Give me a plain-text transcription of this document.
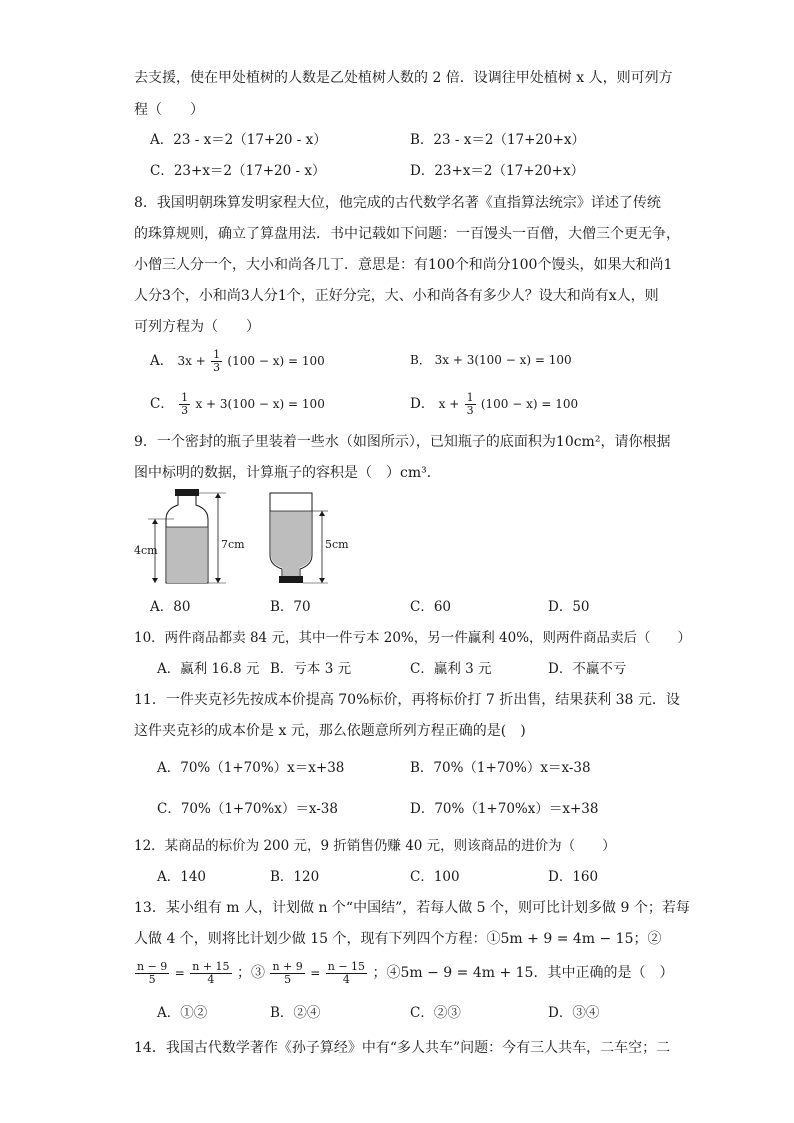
去支援，使在甲处植树的人数是乙处植树人数的 2 倍．设调往甲处植树 x 人，则可列方
程（　　）
A．23 - x＝2（17+20 - x）	B．23 - x＝2（17+20+x）
C．23+x＝2（17+20 - x）	D．23+x＝2（17+20+x）
8．我国明朝珠算发明家程大位，他完成的古代数学名著《直指算法统宗》详述了传统
的珠算规则，确立了算盘用法．书中记载如下问题：一百馒头一百僧，大僧三个更无争，
小僧三人分一个，大小和尚各几丁．意思是：有100个和尚分100个馒头，如果大和尚1
人分3个，小和尚3人分1个，正好分完，大、小和尚各有多少人？设大和尚有x人，则
可列方程为（　　）
A． $3x + \frac{1}{3} (100 - x) = 100$	B． 3x + 3(100 − x) = 100
C． $\frac{1}{3}$ x + 3(100 − x) = 100	D． $x + \frac{1}{3} (100 - x) = 100$
9．一个密封的瓶子里装着一些水（如图所示），已知瓶子的底面积为10cm²，请你根据
图中标明的数据，计算瓶子的容积是（　）cm³．
4cm	7cm	5cm
A．80	B．70	C．60	D．50
10．两件商品都卖 84 元，其中一件亏本 20%，另一件赢利 40%，则两件商品卖后（　　）
A．赢利 16.8 元 B．亏本 3 元	C．赢利 3 元	D．不赢不亏
11．一件夹克衫先按成本价提高 70%标价，再将标价打 7 折出售，结果获利 38 元．设
这件夹克衫的成本价是 x 元，那么依题意所列方程正确的是(　)
A．70%（1+70%）x＝x+38	B．70%（1+70%）x＝x-38
C．70%（1+70%x）＝x-38	D．70%（1+70%x）＝x+38
12．某商品的标价为 200 元，9 折销售仍赚 40 元，则该商品的进价为（　　）
A．140	B．120	C．100	D．160
13．某小组有 m 人，计划做 n 个“中国结”，若每人做 5 个，则可比计划多做 9 个；若每
人做 4 个，则将比计划少做 15 个，现有下列四个方程：①5m + 9 = 4m − 15；②
$\frac{n - 9}{5} = \frac{n + 15}{4}$ ；③ $\frac{n + 9}{5} = \frac{n - 15}{4}$ ；④5m − 9 = 4m + 15．其中正确的是（　）
A．①②	B．②④	C．②③	D．③④
14．我国古代数学著作《孙子算经》中有“多人共车”问题：今有三人共车，二车空；二
